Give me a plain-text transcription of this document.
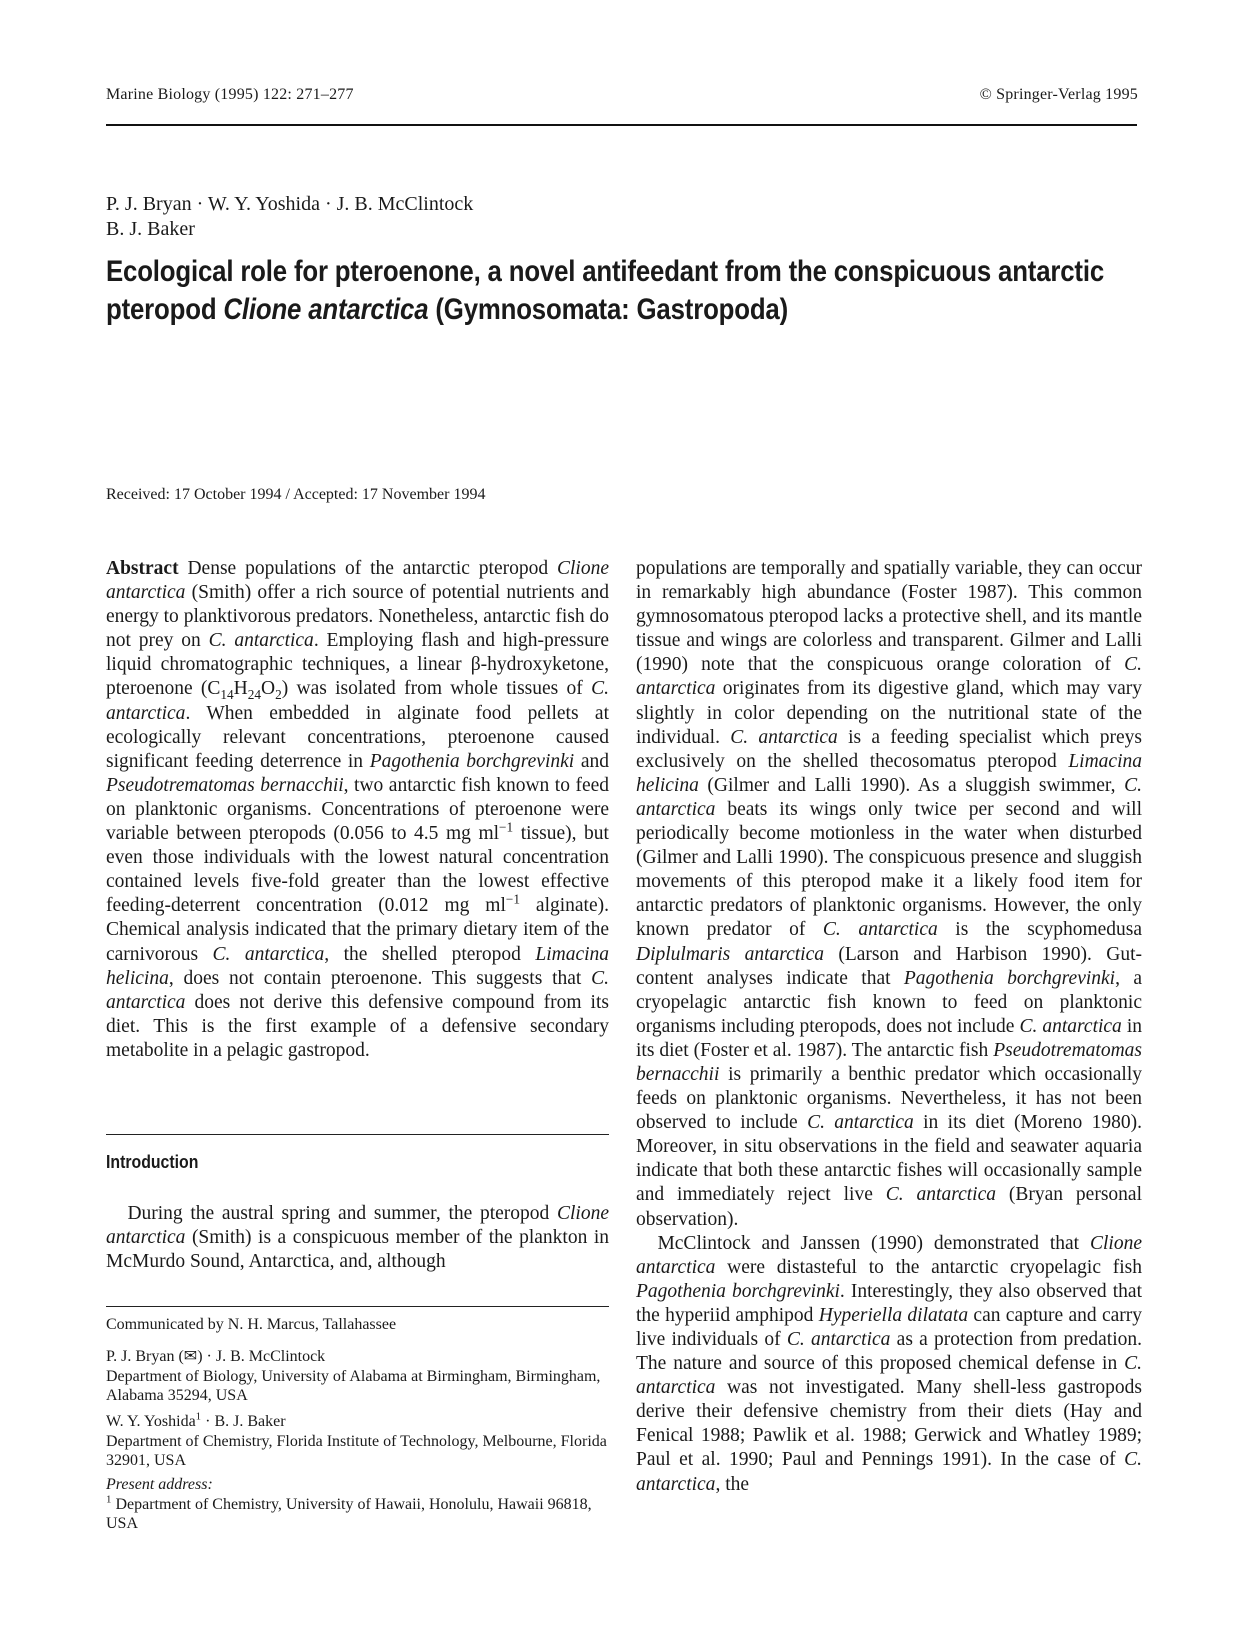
Marine Biology (1995) 122: 271–277	© Springer-Verlag 1995
P. J. Bryan · W. Y. Yoshida · J. B. McClintock
B. J. Baker
Ecological role for pteroenone, a novel antifeedant from the conspicuous antarctic pteropod Clione antarctica (Gymnosomata: Gastropoda)
Received: 17 October 1994 / Accepted: 17 November 1994

Abstract Dense populations of the antarctic pteropod Clione antarctica (Smith) offer a rich source of potential nutrients and energy to planktivorous predators. Nonetheless, antarctic fish do not prey on C. antarctica. Employing flash and high-pressure liquid chromatographic techniques, a linear β-hydroxyketone, pteroenone $(C_{14}H_{24}O_2)$ was isolated from whole tissues of C. antarctica. When embedded in alginate food pellets at ecologically relevant concentrations, pteroenone caused significant feeding deterrence in Pagothenia borchgrevinki and Pseudotrematomas bernacchii, two antarctic fish known to feed on planktonic organisms. Concentrations of pteroenone were variable between pteropods (0.056 to 4.5 mg $ml^{-1}$ tissue), but even those individuals with the lowest natural concentration contained levels five-fold greater than the lowest effective feeding-deterrent concentration (0.012 mg $ml^{-1}$ alginate). Chemical analysis indicated that the primary dietary item of the carnivorous C. antarctica, the shelled pteropod Limacina helicina, does not contain pteroenone. This suggests that C. antarctica does not derive this defensive compound from its diet. This is the first example of a defensive secondary metabolite in a pelagic gastropod.

Introduction

During the austral spring and summer, the pteropod Clione antarctica (Smith) is a conspicuous member of the plankton in McMurdo Sound, Antarctica, and, although

Communicated by N. H. Marcus, Tallahassee

P. J. Bryan (✉) · J. B. McClintock

Department of Biology, University of Alabama at Birmingham, Birmingham, Alabama 35294, USA

W. Y. Yoshida$^1$ · B. J. Baker

Department of Chemistry, Florida Institute of Technology, Melbourne, Florida 32901, USA

Present address:

$^1$ Department of Chemistry, University of Hawaii, Honolulu, Hawaii 96818, USA

populations are temporally and spatially variable, they can occur in remarkably high abundance (Foster 1987). This common gymnosomatous pteropod lacks a protective shell, and its mantle tissue and wings are colorless and transparent. Gilmer and Lalli (1990) note that the conspicuous orange coloration of C. antarctica originates from its digestive gland, which may vary slightly in color depending on the nutritional state of the individual. C. antarctica is a feeding specialist which preys exclusively on the shelled thecosomatus pteropod Limacina helicina (Gilmer and Lalli 1990). As a sluggish swimmer, C. antarctica beats its wings only twice per second and will periodically become motionless in the water when disturbed (Gilmer and Lalli 1990). The conspicuous presence and sluggish movements of this pteropod make it a likely food item for antarctic predators of planktonic organisms. However, the only known predator of C. antarctica is the scyphomedusa Diplulmaris antarctica (Larson and Harbison 1990). Gut-content analyses indicate that Pagothenia borchgrevinki, a cryopelagic antarctic fish known to feed on planktonic organisms including pteropods, does not include C. antarctica in its diet (Foster et al. 1987). The antarctic fish Pseudotrematomas bernacchii is primarily a benthic predator which occasionally feeds on planktonic organisms. Nevertheless, it has not been observed to include C. antarctica in its diet (Moreno 1980). Moreover, in situ observations in the field and seawater aquaria indicate that both these antarctic fishes will occasionally sample and immediately reject live C. antarctica (Bryan personal observation).

McClintock and Janssen (1990) demonstrated that Clione antarctica were distasteful to the antarctic cryopelagic fish Pagothenia borchgrevinki. Interestingly, they also observed that the hyperiid amphipod Hyperiella dilatata can capture and carry live individuals of C. antarctica as a protection from predation. The nature and source of this proposed chemical defense in C. antarctica was not investigated. Many shell-less gastropods derive their defensive chemistry from their diets (Hay and Fenical 1988; Pawlik et al. 1988; Gerwick and Whatley 1989; Paul et al. 1990; Paul and Pennings 1991). In the case of C. antarctica, the
